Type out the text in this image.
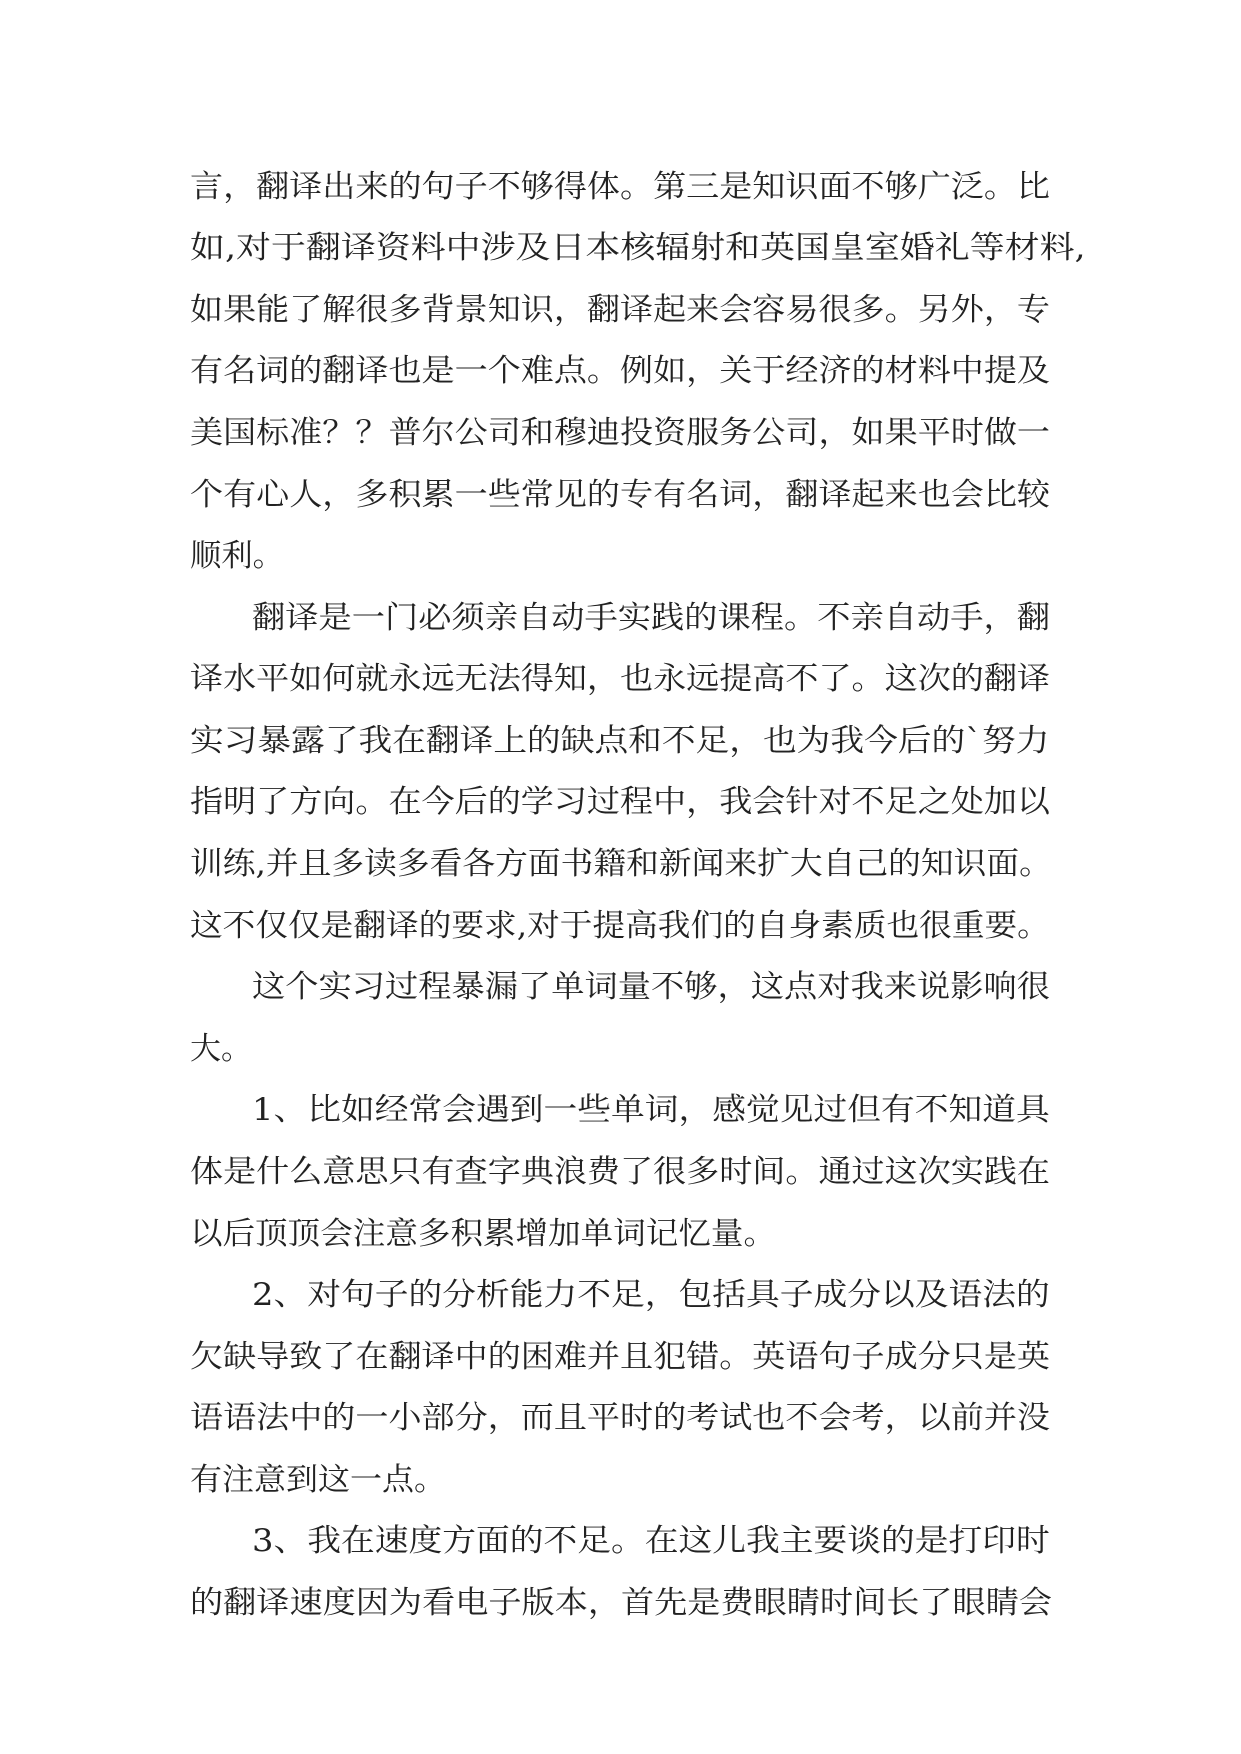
言，翻译出来的句子不够得体。第三是知识面不够广泛。比
如,对于翻译资料中涉及日本核辐射和英国皇室婚礼等材料,
如果能了解很多背景知识，翻译起来会容易很多。另外，专
有名词的翻译也是一个难点。例如，关于经济的材料中提及
美国标准？？普尔公司和穆迪投资服务公司，如果平时做一
个有心人，多积累一些常见的专有名词，翻译起来也会比较
顺利。
翻译是一门必须亲自动手实践的课程。不亲自动手，翻
译水平如何就永远无法得知，也永远提高不了。这次的翻译
实习暴露了我在翻译上的缺点和不足，也为我今后的`努力
指明了方向。在今后的学习过程中，我会针对不足之处加以
训练,并且多读多看各方面书籍和新闻来扩大自己的知识面。
这不仅仅是翻译的要求,对于提高我们的自身素质也很重要。
这个实习过程暴漏了单词量不够，这点对我来说影响很
大。
1、比如经常会遇到一些单词，感觉见过但有不知道具
体是什么意思只有查字典浪费了很多时间。通过这次实践在
以后顶顶会注意多积累增加单词记忆量。
2、对句子的分析能力不足，包括具子成分以及语法的
欠缺导致了在翻译中的困难并且犯错。英语句子成分只是英
语语法中的一小部分，而且平时的考试也不会考，以前并没
有注意到这一点。
3、我在速度方面的不足。在这儿我主要谈的是打印时
的翻译速度因为看电子版本，首先是费眼睛时间长了眼睛会
